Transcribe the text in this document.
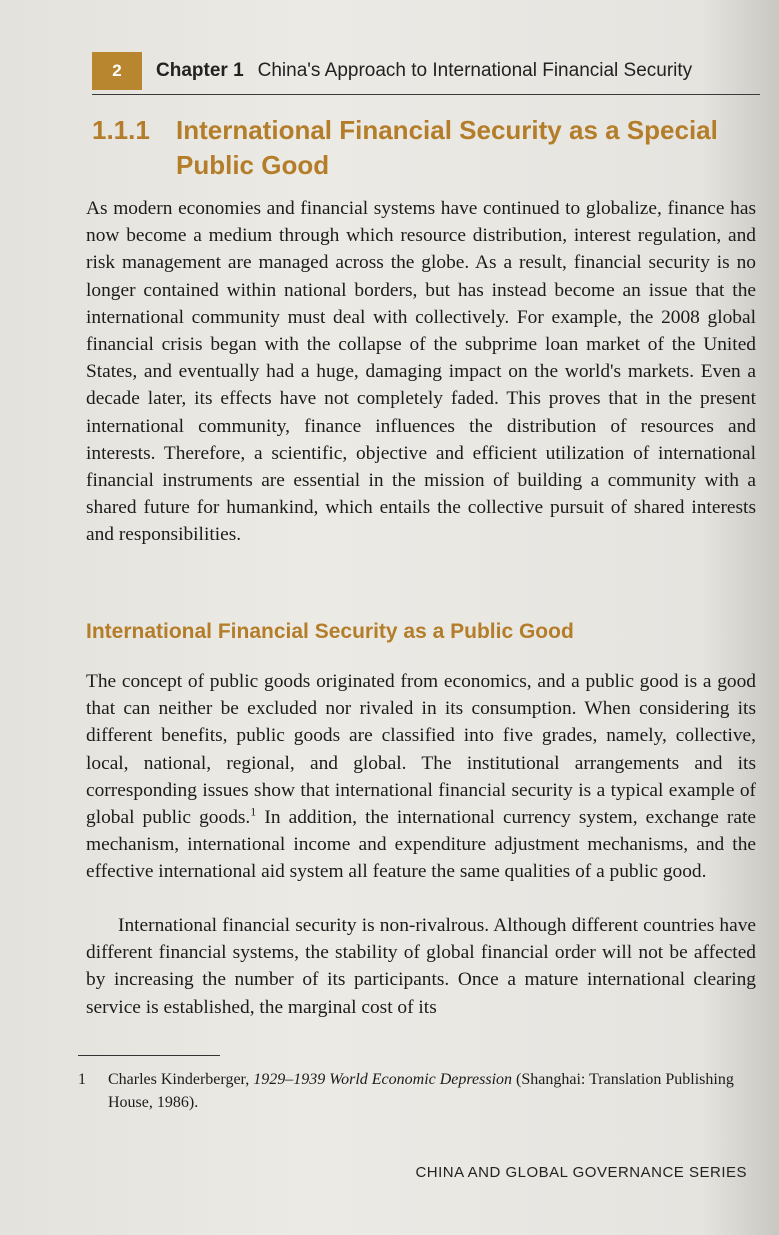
2	Chapter 1 China's Approach to International Financial Security
1.1.1	International Financial Security as a Special Public Good

As modern economies and financial systems have continued to globalize, finance has now become a medium through which resource distribution, interest regulation, and risk management are managed across the globe. As a result, financial security is no longer contained within national borders, but has instead become an issue that the international community must deal with collectively. For example, the 2008 global financial crisis began with the collapse of the subprime loan market of the United States, and eventually had a huge, damaging impact on the world's markets. Even a decade later, its effects have not completely faded. This proves that in the present international community, finance influences the distribution of resources and interests. Therefore, a scientific, objective and efficient utilization of international financial instruments are essential in the mission of building a community with a shared future for humankind, which entails the collective pursuit of shared interests and responsibilities.

International Financial Security as a Public Good

The concept of public goods originated from economics, and a public good is a good that can neither be excluded nor rivaled in its consumption. When considering its different benefits, public goods are classified into five grades, namely, collective, local, national, regional, and global. The institutional arrangements and its corresponding issues show that international financial security is a typical example of global public goods.$^1$ In addition, the international currency system, exchange rate mechanism, international income and expenditure adjustment mechanisms, and the effective international aid system all feature the same qualities of a public good.

International financial security is non-rivalrous. Although different countries have different financial systems, the stability of global financial order will not be affected by increasing the number of its participants. Once a mature international clearing service is established, the marginal cost of its

1	Charles Kinderberger, 1929–1939 World Economic Depression (Shanghai: Translation Publishing House, 1986).
CHINA AND GLOBAL GOVERNANCE SERIES
